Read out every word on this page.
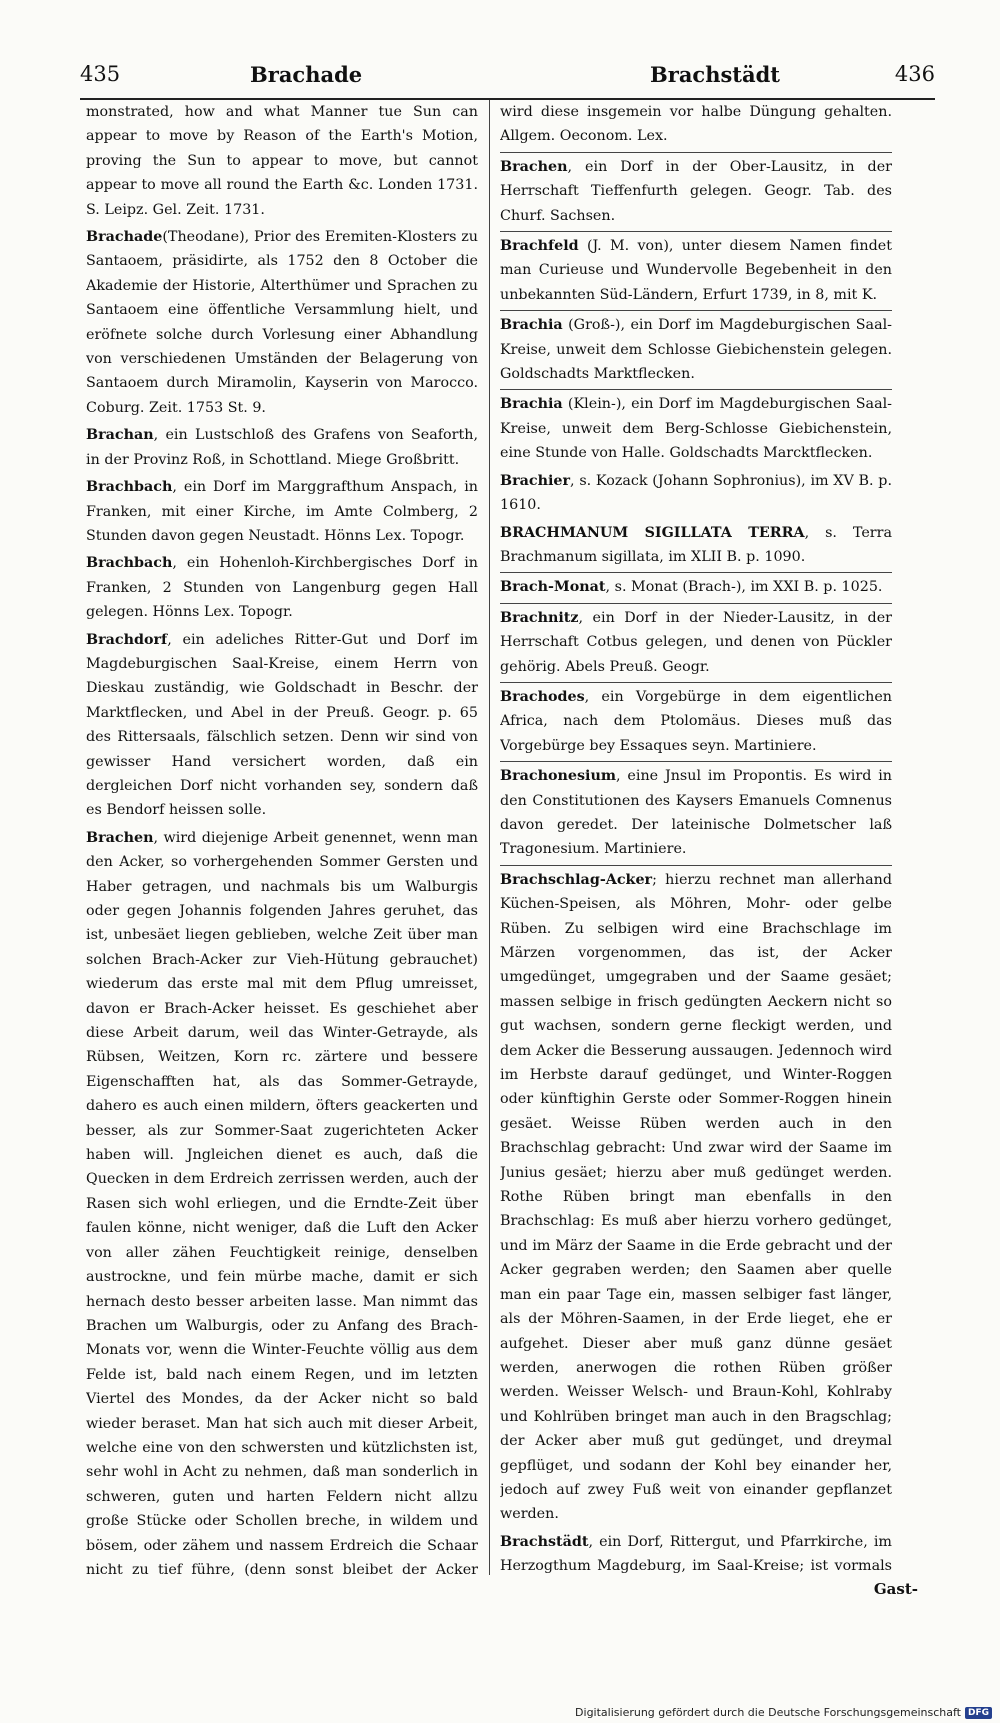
435	Brachade	Brachstädt	436

monstrated, how and what Manner tue Sun can appear to move by Reason of the Earth's Motion, proving the Sun to appear to move, but cannot appear to move all round the Earth &c. Londen 1731. S. Leipz. Gel. Zeit. 1731.

Brachade(Theodane), Prior des Eremiten-Klosters zu Santaoem, präsidirte, als 1752 den 8 October die Akademie der Historie, Alterthümer und Sprachen zu Santaoem eine öffentliche Versammlung hielt, und eröfnete solche durch Vorlesung einer Abhandlung von verschiedenen Umständen der Belagerung von Santaoem durch Miramolin, Kayserin von Marocco. Coburg. Zeit. 1753 St. 9.

Brachan, ein Lustschloß des Grafens von Seaforth, in der Provinz Roß, in Schottland. Miege Großbritt.

Brachbach, ein Dorf im Marggrafthum Anspach, in Franken, mit einer Kirche, im Amte Colmberg, 2 Stunden davon gegen Neustadt. Hönns Lex. Topogr.

Brachbach, ein Hohenloh-Kirchbergisches Dorf in Franken, 2 Stunden von Langenburg gegen Hall gelegen. Hönns Lex. Topogr.

Brachdorf, ein adeliches Ritter-Gut und Dorf im Magdeburgischen Saal-Kreise, einem Herrn von Dieskau zuständig, wie Goldschadt in Beschr. der Marktflecken, und Abel in der Preuß. Geogr. p. 65 des Rittersaals, fälschlich setzen. Denn wir sind von gewisser Hand versichert worden, daß ein dergleichen Dorf nicht vorhanden sey, sondern daß es Bendorf heissen solle.

Brachen, wird diejenige Arbeit genennet, wenn man den Acker, so vorhergehenden Sommer Gersten und Haber getragen, und nachmals bis um Walburgis oder gegen Johannis folgenden Jahres geruhet, das ist, unbesäet liegen geblieben, welche Zeit über man solchen Brach-Acker zur Vieh-Hütung gebrauchet) wiederum das erste mal mit dem Pflug umreisset, davon er Brach-Acker heisset. Es geschiehet aber diese Arbeit darum, weil das Winter-Getrayde, als Rübsen, Weitzen, Korn rc. zärtere und bessere Eigenschafften hat, als das Sommer-Getrayde, dahero es auch einen mildern, öfters geackerten und besser, als zur Sommer-Saat zugerichteten Acker haben will. Jngleichen dienet es auch, daß die Quecken in dem Erdreich zerrissen werden, auch der Rasen sich wohl erliegen, und die Erndte-Zeit über faulen könne, nicht weniger, daß die Luft den Acker von aller zähen Feuchtigkeit reinige, denselben austrockne, und fein mürbe mache, damit er sich hernach desto besser arbeiten lasse. Man nimmt das Brachen um Walburgis, oder zu Anfang des Brach-Monats vor, wenn die Winter-Feuchte völlig aus dem Felde ist, bald nach einem Regen, und im letzten Viertel des Mondes, da der Acker nicht so bald wieder beraset. Man hat sich auch mit dieser Arbeit, welche eine von den schwersten und kützlichsten ist, sehr wohl in Acht zu nehmen, daß man sonderlich in schweren, guten und harten Feldern nicht allzu große Stücke oder Schollen breche, in wildem und bösem, oder zähem und nassem Erdreich die Schaar nicht zu tief führe, (denn sonst bleibet der Acker

wird diese insgemein vor halbe Düngung gehalten. Allgem. Oeconom. Lex.

Brachen, ein Dorf in der Ober-Lausitz, in der Herrschaft Tieffenfurth gelegen. Geogr. Tab. des Churf. Sachsen.

Brachfeld (J. M. von), unter diesem Namen findet man Curieuse und Wundervolle Begebenheit in den unbekannten Süd-Ländern, Erfurt 1739, in 8, mit K.

Brachia (Groß-), ein Dorf im Magdeburgischen Saal-Kreise, unweit dem Schlosse Giebichenstein gelegen. Goldschadts Marktflecken.

Brachia (Klein-), ein Dorf im Magdeburgischen Saal-Kreise, unweit dem Berg-Schlosse Giebichenstein, eine Stunde von Halle. Goldschadts Marcktflecken.

Brachier, s. Kozack (Johann Sophronius), im XV B. p. 1610.

BRACHMANUM SIGILLATA TERRA, s. Terra Brachmanum sigillata, im XLII B. p. 1090.

Brach-Monat, s. Monat (Brach-), im XXI B. p. 1025.

Brachnitz, ein Dorf in der Nieder-Lausitz, in der Herrschaft Cotbus gelegen, und denen von Pückler gehörig. Abels Preuß. Geogr.

Brachodes, ein Vorgebürge in dem eigentlichen Africa, nach dem Ptolomäus. Dieses muß das Vorgebürge bey Essaques seyn. Martiniere.

Brachonesium, eine Jnsul im Propontis. Es wird in den Constitutionen des Kaysers Emanuels Comnenus davon geredet. Der lateinische Dolmetscher laß Tragonesium. Martiniere.

Brachschlag-Acker; hierzu rechnet man allerhand Küchen-Speisen, als Möhren, Mohr- oder gelbe Rüben. Zu selbigen wird eine Brachschlage im Märzen vorgenommen, das ist, der Acker umgedünget, umgegraben und der Saame gesäet; massen selbige in frisch gedüngten Aeckern nicht so gut wachsen, sondern gerne fleckigt werden, und dem Acker die Besserung aussaugen. Jedennoch wird im Herbste darauf gedünget, und Winter-Roggen oder künftighin Gerste oder Sommer-Roggen hinein gesäet. Weisse Rüben werden auch in den Brachschlag gebracht: Und zwar wird der Saame im Junius gesäet; hierzu aber muß gedünget werden. Rothe Rüben bringt man ebenfalls in den Brachschlag: Es muß aber hierzu vorhero gedünget, und im März der Saame in die Erde gebracht und der Acker gegraben werden; den Saamen aber quelle man ein paar Tage ein, massen selbiger fast länger, als der Möhren-Saamen, in der Erde lieget, ehe er aufgehet. Dieser aber muß ganz dünne gesäet werden, anerwogen die rothen Rüben größer werden. Weisser Welsch- und Braun-Kohl, Kohlraby und Kohlrüben bringet man auch in den Bragschlag; der Acker aber muß gut gedünget, und dreymal gepflüget, und sodann der Kohl bey einander her, jedoch auf zwey Fuß weit von einander gepflanzet werden.

Brachstädt, ein Dorf, Rittergut, und Pfarrkirche, im Herzogthum Magdeburg, im Saal-Kreise; ist vormals

Gast-
Digitalisierung gefördert durch die Deutsche Forschungsgemeinschaft DFG
